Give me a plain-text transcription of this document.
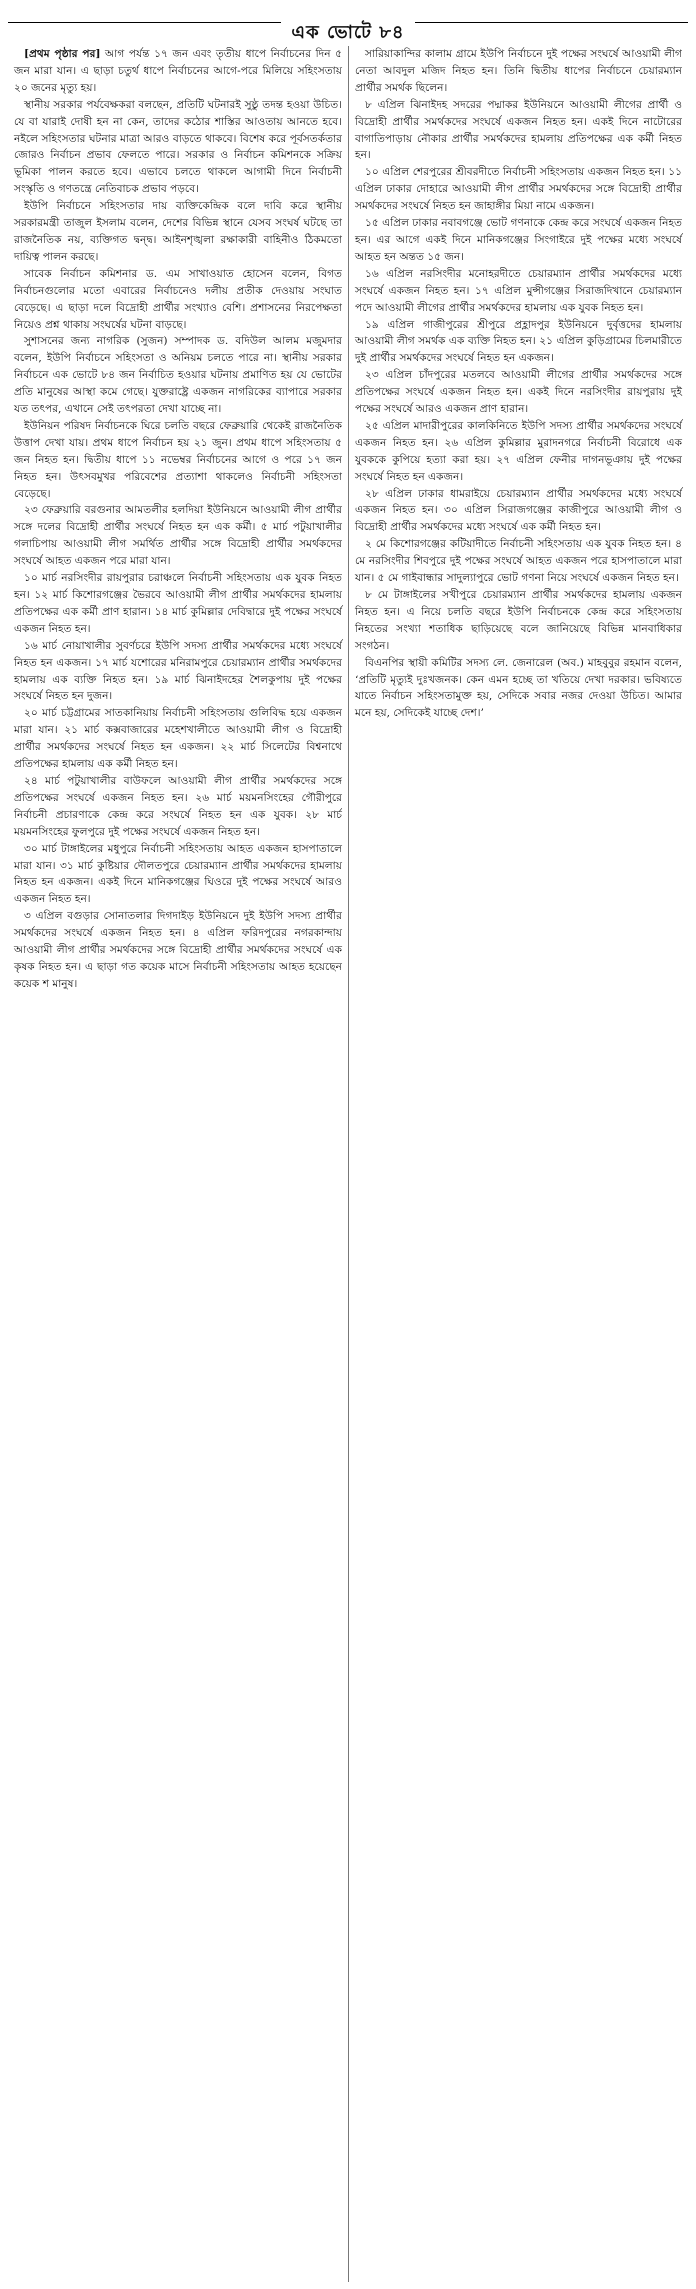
এক ভোটে ৮৪

[প্রথম পৃষ্ঠার পর] আগ পর্যন্ত ১৭ জন এবং তৃতীয় ধাপে নির্বাচনের দিন ৫ জন মারা যান। এ ছাড়া চতুর্থ ধাপে নির্বাচনের আগে-পরে মিলিয়ে সহিংসতায় ২০ জনের মৃত্যু হয়।

স্থানীয় সরকার পর্যবেক্ষকরা বলছেন, প্রতিটি ঘটনারই সুষ্ঠু তদন্ত হওয়া উচিত। যে বা যারাই দোষী হন না কেন, তাদের কঠোর শাস্তির আওতায় আনতে হবে। নইলে সহিংসতার ঘটনার মাত্রা আরও বাড়তে থাকবে। বিশেষ করে পূর্বসতর্কতার জোরও নির্বাচন প্রভাব ফেলতে পারে। সরকার ও নির্বাচন কমিশনকে সক্রিয় ভূমিকা পালন করতে হবে। এভাবে চলতে থাকলে আগামী দিনে নির্বাচনী সংস্কৃতি ও গণতন্ত্রে নেতিবাচক প্রভাব পড়বে।

ইউপি নির্বাচনে সহিংসতার দায় ব্যক্তিকেন্দ্রিক বলে দাবি করে স্থানীয় সরকারমন্ত্রী তাজুল ইসলাম বলেন, দেশের বিভিন্ন স্থানে যেসব সংঘর্ষ ঘটছে তা রাজনৈতিক নয়, ব্যক্তিগত দ্বন্দ্ব। আইনশৃঙ্খলা রক্ষাকারী বাহিনীও ঠিকমতো দায়িত্ব পালন করছে।

সাবেক নির্বাচন কমিশনার ড. এম সাখাওয়াত হোসেন বলেন, বিগত নির্বাচনগুলোর মতো এবারের নির্বাচনেও দলীয় প্রতীক দেওয়ায় সংঘাত বেড়েছে। এ ছাড়া দলে বিদ্রোহী প্রার্থীর সংখ্যাও বেশি। প্রশাসনের নিরপেক্ষতা নিয়েও প্রশ্ন থাকায় সংঘর্ষের ঘটনা বাড়ছে।

সুশাসনের জন্য নাগরিক (সুজন) সম্পাদক ড. বদিউল আলম মজুমদার বলেন, ইউপি নির্বাচনে সহিংসতা ও অনিয়ম চলতে পারে না। স্থানীয় সরকার নির্বাচনে এক ভোটে ৮৪ জন নির্বাচিত হওয়ার ঘটনায় প্রমাণিত হয় যে ভোটের প্রতি মানুষের আস্থা কমে গেছে। যুক্তরাষ্ট্রে একজন নাগরিকের ব্যাপারে সরকার যত তৎপর, এখানে সেই তৎপরতা দেখা যাচ্ছে না।

ইউনিয়ন পরিষদ নির্বাচনকে ঘিরে চলতি বছরে ফেব্রুয়ারি থেকেই রাজনৈতিক উত্তাপ দেখা যায়। প্রথম ধাপে নির্বাচন হয় ২১ জুন। প্রথম ধাপে সহিংসতায় ৫ জন নিহত হন। দ্বিতীয় ধাপে ১১ নভেম্বর নির্বাচনের আগে ও পরে ১৭ জন নিহত হন। উৎসবমুখর পরিবেশের প্রত্যাশা থাকলেও নির্বাচনী সহিংসতা বেড়েছে।

২৩ ফেব্রুয়ারি বরগুনার আমতলীর হলদিয়া ইউনিয়নে আওয়ামী লীগ প্রার্থীর সঙ্গে দলের বিদ্রোহী প্রার্থীর সংঘর্ষে নিহত হন এক কর্মী। ৫ মার্চ পটুয়াখালীর গলাচিপায় আওয়ামী লীগ সমর্থিত প্রার্থীর সঙ্গে বিদ্রোহী প্রার্থীর সমর্থকদের সংঘর্ষে আহত একজন পরে মারা যান।

১০ মার্চ নরসিংদীর রায়পুরার চরাঞ্চলে নির্বাচনী সহিংসতায় এক যুবক নিহত হন। ১২ মার্চ কিশোরগঞ্জের ভৈরবে আওয়ামী লীগ প্রার্থীর সমর্থকদের হামলায় প্রতিপক্ষের এক কর্মী প্রাণ হারান। ১৪ মার্চ কুমিল্লার দেবিদ্বারে দুই পক্ষের সংঘর্ষে একজন নিহত হন।

১৬ মার্চ নোয়াখালীর সুবর্ণচরে ইউপি সদস্য প্রার্থীর সমর্থকদের মধ্যে সংঘর্ষে নিহত হন একজন। ১৭ মার্চ যশোরের মনিরামপুরে চেয়ারম্যান প্রার্থীর সমর্থকদের হামলায় এক ব্যক্তি নিহত হন। ১৯ মার্চ ঝিনাইদহের শৈলকুপায় দুই পক্ষের সংঘর্ষে নিহত হন দুজন।

২০ মার্চ চট্টগ্রামের সাতকানিয়ায় নির্বাচনী সহিংসতায় গুলিবিদ্ধ হয়ে একজন মারা যান। ২১ মার্চ কক্সবাজারের মহেশখালীতে আওয়ামী লীগ ও বিদ্রোহী প্রার্থীর সমর্থকদের সংঘর্ষে নিহত হন একজন। ২২ মার্চ সিলেটের বিশ্বনাথে প্রতিপক্ষের হামলায় এক কর্মী নিহত হন।

২৪ মার্চ পটুয়াখালীর বাউফলে আওয়ামী লীগ প্রার্থীর সমর্থকদের সঙ্গে প্রতিপক্ষের সংঘর্ষে একজন নিহত হন। ২৬ মার্চ ময়মনসিংহের গৌরীপুরে নির্বাচনী প্রচারণাকে কেন্দ্র করে সংঘর্ষে নিহত হন এক যুবক। ২৮ মার্চ ময়মনসিংহের ফুলপুরে দুই পক্ষের সংঘর্ষে একজন নিহত হন।

৩০ মার্চ টাঙ্গাইলের মধুপুরে নির্বাচনী সহিংসতায় আহত একজন হাসপাতালে মারা যান। ৩১ মার্চ কুষ্টিয়ার দৌলতপুরে চেয়ারম্যান প্রার্থীর সমর্থকদের হামলায় নিহত হন একজন। একই দিনে মানিকগঞ্জের ঘিওরে দুই পক্ষের সংঘর্ষে আরও একজন নিহত হন।

৩ এপ্রিল বগুড়ার সোনাতলার দিগদাইড় ইউনিয়নে দুই ইউপি সদস্য প্রার্থীর সমর্থকদের সংঘর্ষে একজন নিহত হন। ৪ এপ্রিল ফরিদপুরের নগরকান্দায় আওয়ামী লীগ প্রার্থীর সমর্থকদের সঙ্গে বিদ্রোহী প্রার্থীর সমর্থকদের সংঘর্ষে এক কৃষক নিহত হন। এ ছাড়া গত কয়েক মাসে নির্বাচনী সহিংসতায় আহত হয়েছেন কয়েক শ মানুষ।

সারিয়াকান্দির কালাম গ্রামে ইউপি নির্বাচনে দুই পক্ষের সংঘর্ষে আওয়ামী লীগ নেতা আবদুল মজিদ নিহত হন। তিনি দ্বিতীয় ধাপের নির্বাচনে চেয়ারম্যান প্রার্থীর সমর্থক ছিলেন।

৮ এপ্রিল ঝিনাইদহ সদরের পদ্মাকর ইউনিয়নে আওয়ামী লীগের প্রার্থী ও বিদ্রোহী প্রার্থীর সমর্থকদের সংঘর্ষে একজন নিহত হন। একই দিনে নাটোরের বাগাতিপাড়ায় নৌকার প্রার্থীর সমর্থকদের হামলায় প্রতিপক্ষের এক কর্মী নিহত হন।

১০ এপ্রিল শেরপুরের শ্রীবরদীতে নির্বাচনী সহিংসতায় একজন নিহত হন। ১১ এপ্রিল ঢাকার দোহারে আওয়ামী লীগ প্রার্থীর সমর্থকদের সঙ্গে বিদ্রোহী প্রার্থীর সমর্থকদের সংঘর্ষে নিহত হন জাহাঙ্গীর মিয়া নামে একজন।

১৫ এপ্রিল ঢাকার নবাবগঞ্জে ভোট গণনাকে কেন্দ্র করে সংঘর্ষে একজন নিহত হন। এর আগে একই দিনে মানিকগঞ্জের সিংগাইরে দুই পক্ষের মধ্যে সংঘর্ষে আহত হন অন্তত ১৫ জন।

১৬ এপ্রিল নরসিংদীর মনোহরদীতে চেয়ারম্যান প্রার্থীর সমর্থকদের মধ্যে সংঘর্ষে একজন নিহত হন। ১৭ এপ্রিল মুন্সীগঞ্জের সিরাজদিখানে চেয়ারম্যান পদে আওয়ামী লীগের প্রার্থীর সমর্থকদের হামলায় এক যুবক নিহত হন।

১৯ এপ্রিল গাজীপুরের শ্রীপুরে প্রহ্লাদপুর ইউনিয়নে দুর্বৃত্তদের হামলায় আওয়ামী লীগ সমর্থক এক ব্যক্তি নিহত হন। ২১ এপ্রিল কুড়িগ্রামের চিলমারীতে দুই প্রার্থীর সমর্থকদের সংঘর্ষে নিহত হন একজন।

২৩ এপ্রিল চাঁদপুরের মতলবে আওয়ামী লীগের প্রার্থীর সমর্থকদের সঙ্গে প্রতিপক্ষের সংঘর্ষে একজন নিহত হন। একই দিনে নরসিংদীর রায়পুরায় দুই পক্ষের সংঘর্ষে আরও একজন প্রাণ হারান।

২৫ এপ্রিল মাদারীপুরের কালকিনিতে ইউপি সদস্য প্রার্থীর সমর্থকদের সংঘর্ষে একজন নিহত হন। ২৬ এপ্রিল কুমিল্লার মুরাদনগরে নির্বাচনী বিরোধে এক যুবককে কুপিয়ে হত্যা করা হয়। ২৭ এপ্রিল ফেনীর দাগনভূঞায় দুই পক্ষের সংঘর্ষে নিহত হন একজন।

২৮ এপ্রিল ঢাকার ধামরাইয়ে চেয়ারম্যান প্রার্থীর সমর্থকদের মধ্যে সংঘর্ষে একজন নিহত হন। ৩০ এপ্রিল সিরাজগঞ্জের কাজীপুরে আওয়ামী লীগ ও বিদ্রোহী প্রার্থীর সমর্থকদের মধ্যে সংঘর্ষে এক কর্মী নিহত হন।

২ মে কিশোরগঞ্জের কটিয়াদীতে নির্বাচনী সহিংসতায় এক যুবক নিহত হন। ৪ মে নরসিংদীর শিবপুরে দুই পক্ষের সংঘর্ষে আহত একজন পরে হাসপাতালে মারা যান। ৫ মে গাইবান্ধার সাদুল্যাপুরে ভোট গণনা নিয়ে সংঘর্ষে একজন নিহত হন।

৮ মে টাঙ্গাইলের সখীপুরে চেয়ারম্যান প্রার্থীর সমর্থকদের হামলায় একজন নিহত হন। এ নিয়ে চলতি বছরে ইউপি নির্বাচনকে কেন্দ্র করে সহিংসতায় নিহতের সংখ্যা শতাধিক ছাড়িয়েছে বলে জানিয়েছে বিভিন্ন মানবাধিকার সংগঠন।

বিএনপির স্থায়ী কমিটির সদস্য লে. জেনারেল (অব.) মাহবুবুর রহমান বলেন, ‘প্রতিটি মৃত্যুই দুঃখজনক। কেন এমন হচ্ছে তা খতিয়ে দেখা দরকার। ভবিষ্যতে যাতে নির্বাচন সহিংসতামুক্ত হয়, সেদিকে সবার নজর দেওয়া উচিত। আমার মনে হয়, সেদিকেই যাচ্ছে দেশ।’
